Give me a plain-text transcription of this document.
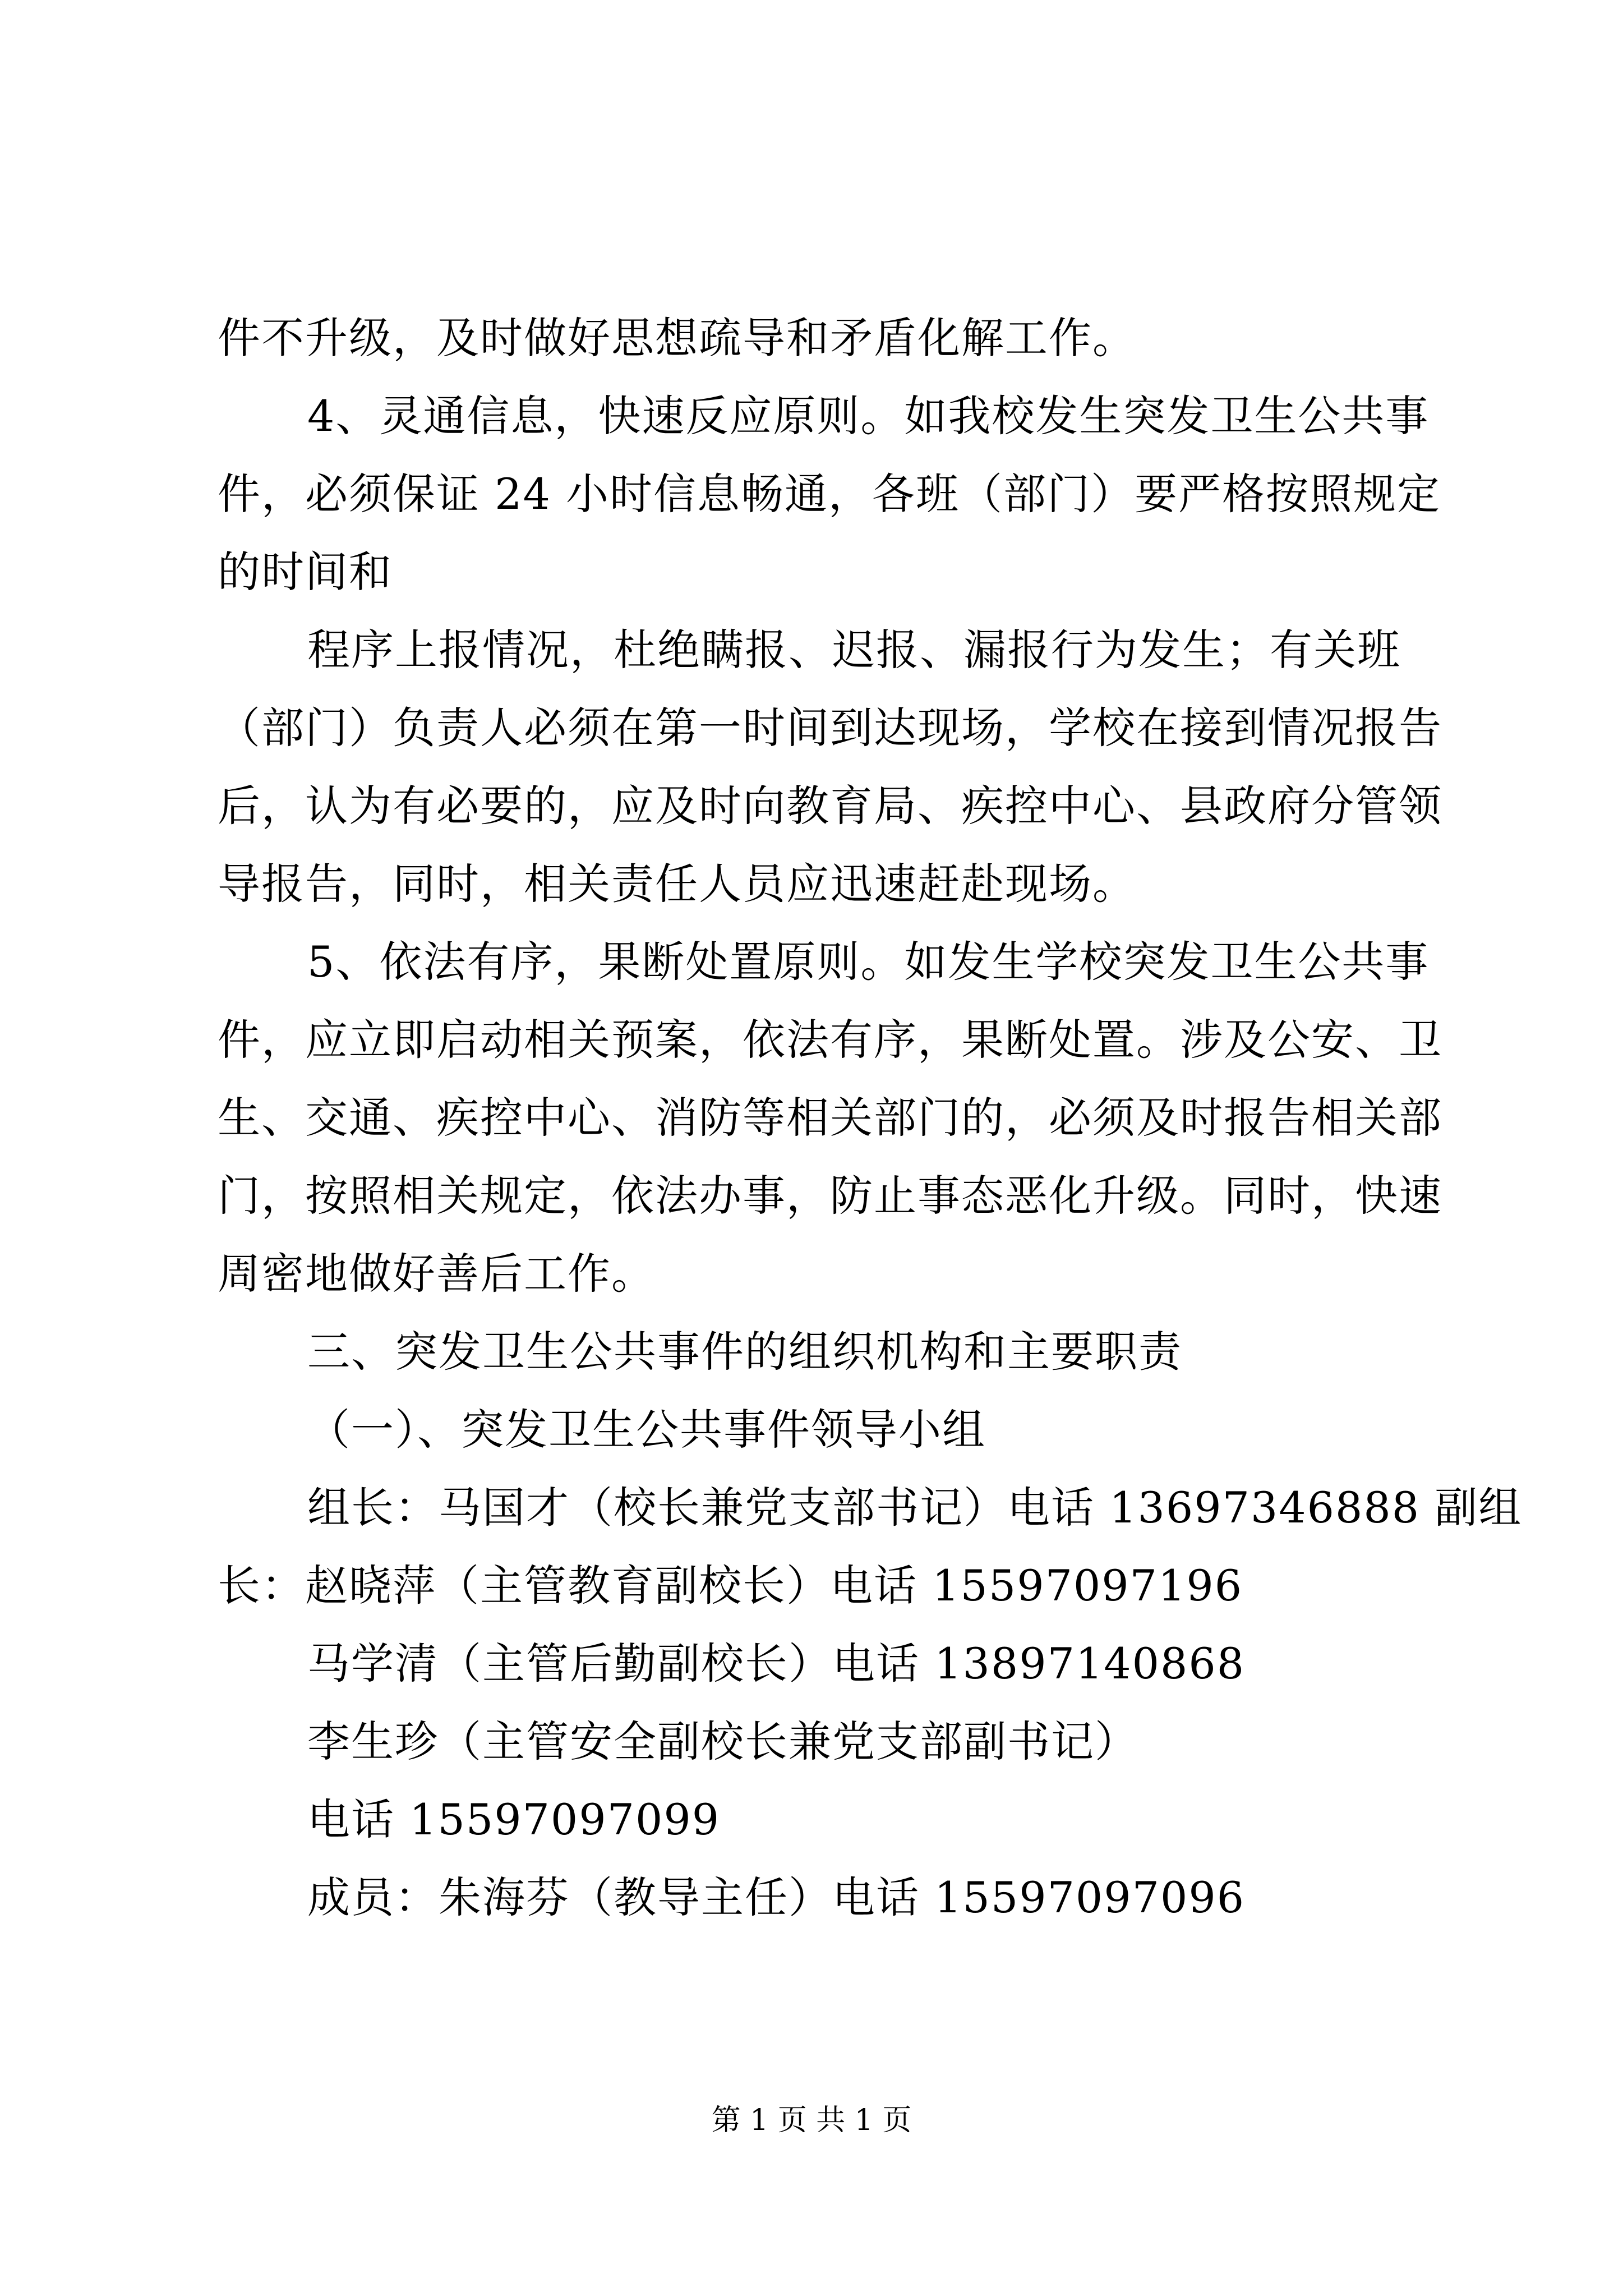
件不升级，及时做好思想疏导和矛盾化解工作。
4、灵通信息，快速反应原则。如我校发生突发卫生公共事
件，必须保证 24 小时信息畅通，各班（部门）要严格按照规定
的时间和
程序上报情况，杜绝瞒报、迟报、漏报行为发生；有关班
（部门）负责人必须在第一时间到达现场，学校在接到情况报告
后，认为有必要的，应及时向教育局、疾控中心、县政府分管领
导报告，同时，相关责任人员应迅速赶赴现场。
5、依法有序，果断处置原则。如发生学校突发卫生公共事
件，应立即启动相关预案，依法有序，果断处置。涉及公安、卫
生、交通、疾控中心、消防等相关部门的，必须及时报告相关部
门，按照相关规定，依法办事，防止事态恶化升级。同时，快速
周密地做好善后工作。
三、突发卫生公共事件的组织机构和主要职责
（一）、突发卫生公共事件领导小组
组长：马国才（校长兼党支部书记）电话 13697346888 副组
长：赵晓萍（主管教育副校长）电话 15597097196
马学清（主管后勤副校长）电话 13897140868
李生珍（主管安全副校长兼党支部副书记）
电话 15597097099
成员：朱海芬（教导主任）电话 15597097096
第 1 页 共 1 页
